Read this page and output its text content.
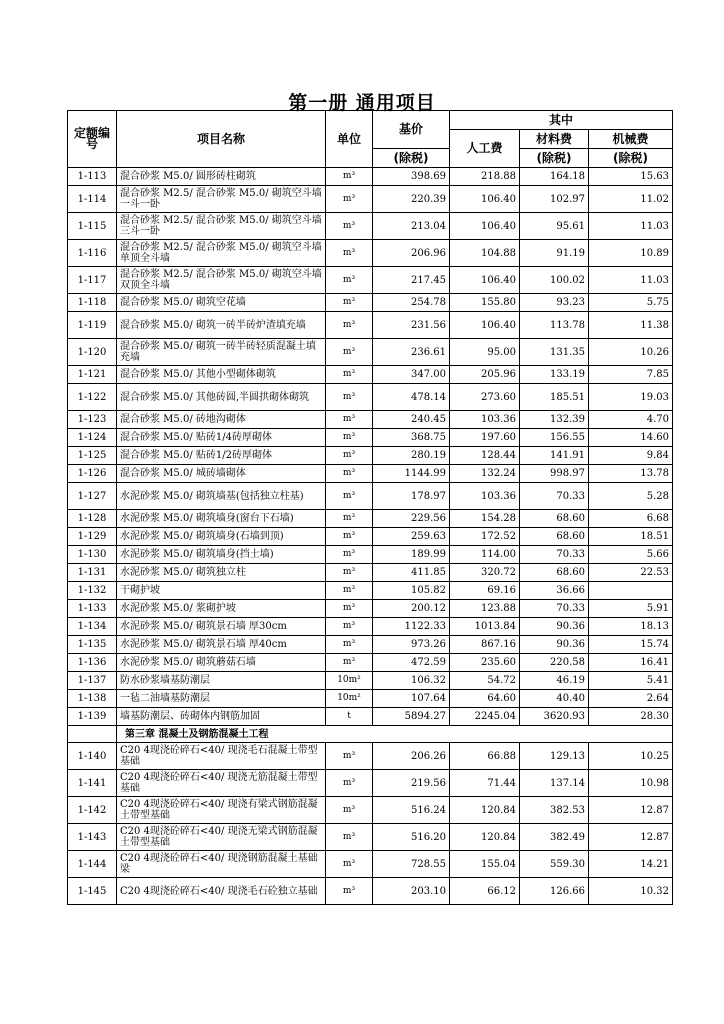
第一册 通用项目
定额编号	项目名称	单位	基价	其中		
				人工费	材料费	机械费
			(除税)		(除税)	(除税)
1-113	混合砂浆 M5.0/ 圆形砖柱砌筑	m³	398.69	218.88	164.18	15.63
1-114	混合砂浆 M2.5/ 混合砂浆 M5.0/ 砌筑空斗墙 一斗一卧	m³	220.39	106.40	102.97	11.02
1-115	混合砂浆 M2.5/ 混合砂浆 M5.0/ 砌筑空斗墙 三斗一卧	m³	213.04	106.40	95.61	11.03
1-116	混合砂浆 M2.5/ 混合砂浆 M5.0/ 砌筑空斗墙 单顶全斗墙	m³	206.96	104.88	91.19	10.89
1-117	混合砂浆 M2.5/ 混合砂浆 M5.0/ 砌筑空斗墙 双顶全斗墙	m³	217.45	106.40	100.02	11.03
1-118	混合砂浆 M5.0/ 砌筑空花墙	m³	254.78	155.80	93.23	5.75
1-119	混合砂浆 M5.0/ 砌筑一砖半砖炉渣填充墙	m³	231.56	106.40	113.78	11.38
1-120	混合砂浆 M5.0/ 砌筑一砖半砖轻质混凝土填充墙	m³	236.61	95.00	131.35	10.26
1-121	混合砂浆 M5.0/ 其他小型砌体砌筑	m³	347.00	205.96	133.19	7.85
1-122	混合砂浆 M5.0/ 其他砖圆,半圆拱砌体砌筑	m³	478.14	273.60	185.51	19.03
1-123	混合砂浆 M5.0/ 砖地沟砌体	m³	240.45	103.36	132.39	4.70
1-124	混合砂浆 M5.0/ 贴砖1/4砖厚砌体	m³	368.75	197.60	156.55	14.60
1-125	混合砂浆 M5.0/ 贴砖1/2砖厚砌体	m³	280.19	128.44	141.91	9.84
1-126	混合砂浆 M5.0/ 城砖墙砌体	m³	1144.99	132.24	998.97	13.78
1-127	水泥砂浆 M5.0/ 砌筑墙基(包括独立柱基)	m³	178.97	103.36	70.33	5.28
1-128	水泥砂浆 M5.0/ 砌筑墙身(窗台下石墙)	m³	229.56	154.28	68.60	6.68
1-129	水泥砂浆 M5.0/ 砌筑墙身(石墙到顶)	m³	259.63	172.52	68.60	18.51
1-130	水泥砂浆 M5.0/ 砌筑墙身(挡土墙)	m³	189.99	114.00	70.33	5.66
1-131	水泥砂浆 M5.0/ 砌筑独立柱	m³	411.85	320.72	68.60	22.53
1-132	干砌护坡	m³	105.82	69.16	36.66	
1-133	水泥砂浆 M5.0/ 浆砌护坡	m³	200.12	123.88	70.33	5.91
1-134	水泥砂浆 M5.0/ 砌筑景石墙 厚30cm	m³	1122.33	1013.84	90.36	18.13
1-135	水泥砂浆 M5.0/ 砌筑景石墙 厚40cm	m³	973.26	867.16	90.36	15.74
1-136	水泥砂浆 M5.0/ 砌筑蘑菇石墙	m³	472.59	235.60	220.58	16.41
1-137	防水砂浆墙基防潮层	10m²	106.32	54.72	46.19	5.41
1-138	一毡二油墙基防潮层	10m²	107.64	64.60	40.40	2.64
1-139	墙基防潮层、砖砌体内钢筋加固	t	5894.27	2245.04	3620.93	28.30
	第三章 混凝土及钢筋混凝土工程					
1-140	C20 4现浇砼碎石<40/ 现浇毛石混凝土带型基础	m³	206.26	66.88	129.13	10.25
1-141	C20 4现浇砼碎石<40/ 现浇无筋混凝土带型基础	m³	219.56	71.44	137.14	10.98
1-142	C20 4现浇砼碎石<40/ 现浇有梁式钢筋混凝土带型基础	m³	516.24	120.84	382.53	12.87
1-143	C20 4现浇砼碎石<40/ 现浇无梁式钢筋混凝土带型基础	m³	516.20	120.84	382.49	12.87
1-144	C20 4现浇砼碎石<40/ 现浇钢筋混凝土基础梁	m³	728.55	155.04	559.30	14.21
1-145	C20 4现浇砼碎石<40/ 现浇毛石砼独立基础	m³	203.10	66.12	126.66	10.32
